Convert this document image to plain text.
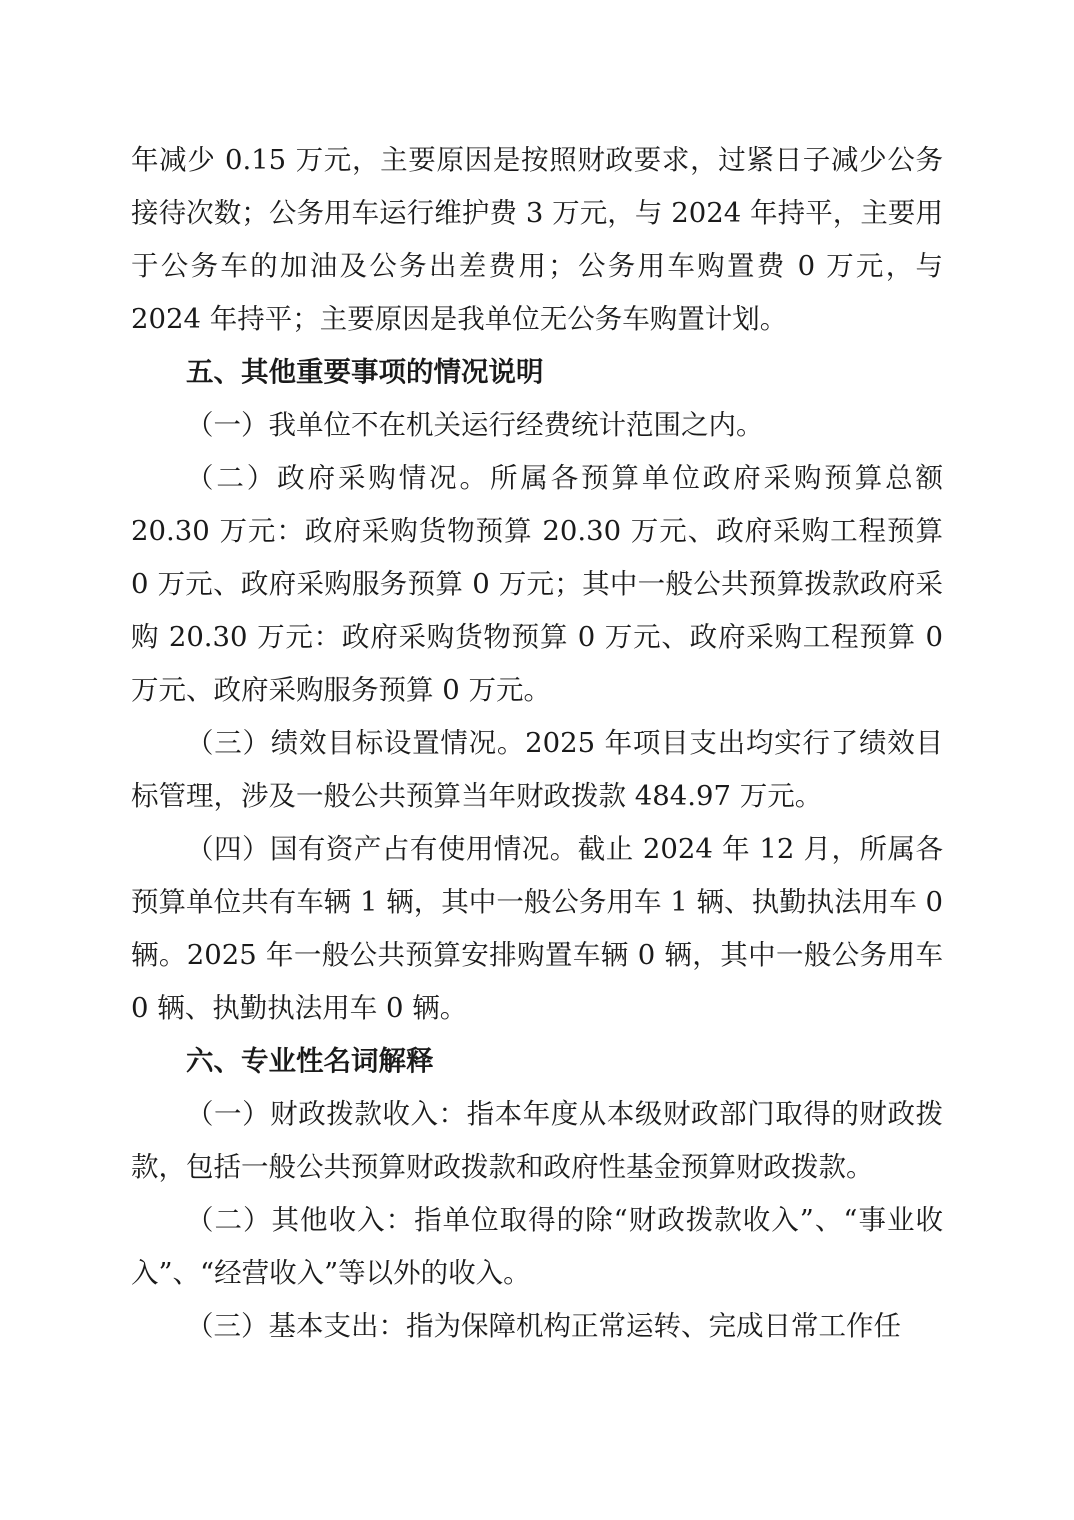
年减少 0.15 万元，主要原因是按照财政要求，过紧日子减少公务接待次数；公务用车运行维护费 3 万元，与 2024 年持平，主要用于公务车的加油及公务出差费用；公务用车购置费 0 万元，与 2024 年持平；主要原因是我单位无公务车购置计划。

五、其他重要事项的情况说明

（一）我单位不在机关运行经费统计范围之内。

（二）政府采购情况。所属各预算单位政府采购预算总额 20.30 万元：政府采购货物预算 20.30 万元、政府采购工程预算 0 万元、政府采购服务预算 0 万元；其中一般公共预算拨款政府采购 20.30 万元：政府采购货物预算 0 万元、政府采购工程预算 0 万元、政府采购服务预算 0 万元。

（三）绩效目标设置情况。2025 年项目支出均实行了绩效目标管理，涉及一般公共预算当年财政拨款 484.97 万元。

（四）国有资产占有使用情况。截止 2024 年 12 月，所属各预算单位共有车辆 1 辆，其中一般公务用车 1 辆、执勤执法用车 0 辆。2025 年一般公共预算安排购置车辆 0 辆，其中一般公务用车 0 辆、执勤执法用车 0 辆。

六、专业性名词解释

（一）财政拨款收入：指本年度从本级财政部门取得的财政拨款，包括一般公共预算财政拨款和政府性基金预算财政拨款。

（二）其他收入：指单位取得的除“财政拨款收入”、“事业收入”、“经营收入”等以外的收入。

（三）基本支出：指为保障机构正常运转、完成日常工作任
